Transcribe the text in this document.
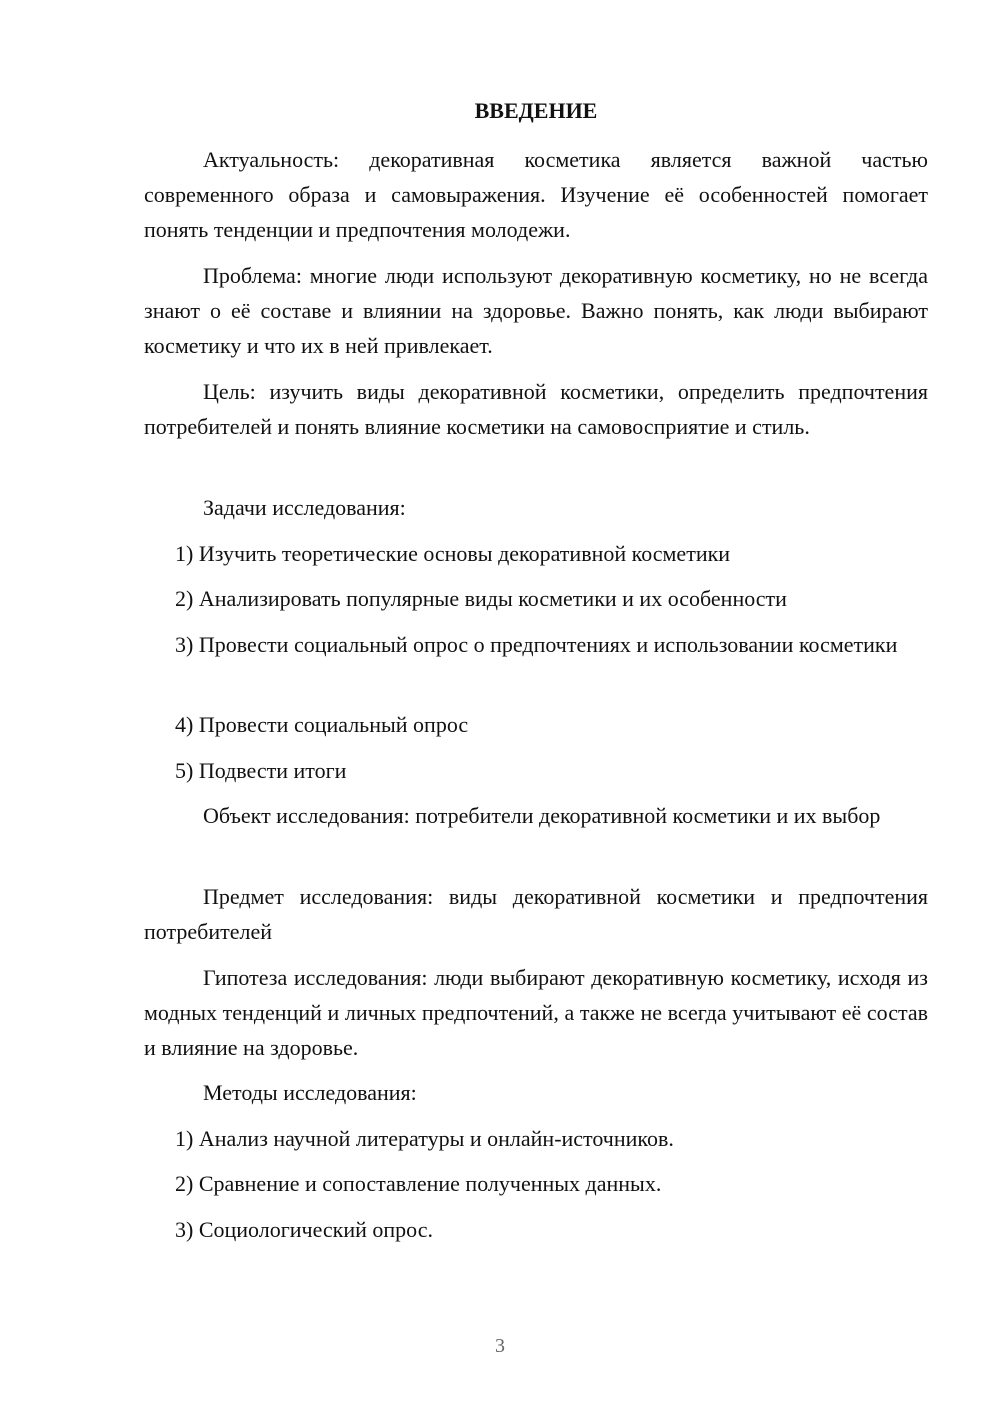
ВВЕДЕНИЕ

Актуальность: декоративная косметика является важной частью современного образа и самовыражения. Изучение её особенностей помогает понять тенденции и предпочтения молодежи.

Проблема: многие люди используют декоративную косметику, но не всегда знают о её составе и влиянии на здоровье. Важно понять, как люди выбирают косметику и что их в ней привлекает.

Цель: изучить виды декоративной косметики, определить предпочтения потребителей и понять влияние косметики на самовосприятие и стиль.

Задачи исследования:

1) Изучить теоретические основы декоративной косметики

2) Анализировать популярные виды косметики и их особенности

3) Провести социальный опрос о предпочтениях и использовании косметики

4) Провести социальный опрос

5) Подвести итоги

Объект исследования: потребители декоративной косметики и их выбор

Предмет исследования: виды декоративной косметики и предпочтения потребителей

Гипотеза исследования: люди выбирают декоративную косметику, исходя из модных тенденций и личных предпочтений, а также не всегда учитывают её состав и влияние на здоровье.

Методы исследования:

1) Анализ научной литературы и онлайн-источников.

2) Сравнение и сопоставление полученных данных.

3) Социологический опрос.

3
